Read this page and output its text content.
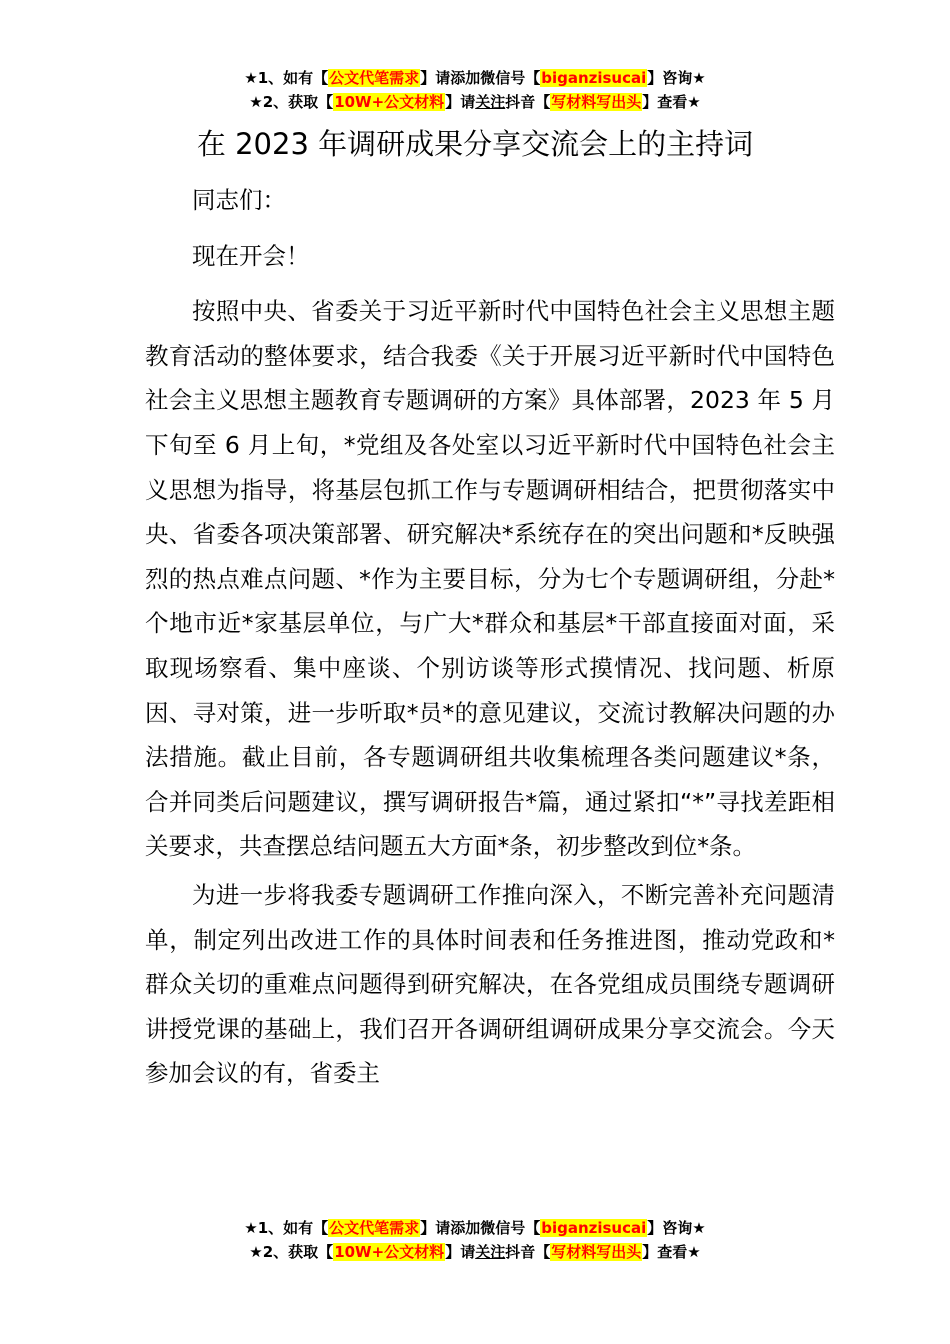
★1、如有【公文代笔需求】请添加微信号【biganzisucai】咨询★
★2、获取【10W+公文材料】请关注抖音【写材料写出头】查看★
在 2023 年调研成果分享交流会上的主持词

同志们：

现在开会！

按照中央、省委关于习近平新时代中国特色社会主义思想主题教育活动的整体要求，结合我委《关于开展习近平新时代中国特色社会主义思想主题教育专题调研的方案》具体部署，2023 年 5 月下旬至 6 月上旬，*党组及各处室以习近平新时代中国特色社会主义思想为指导，将基层包抓工作与专题调研相结合，把贯彻落实中央、省委各项决策部署、研究解决*系统存在的突出问题和*反映强烈的热点难点问题、*作为主要目标，分为七个专题调研组，分赴*个地市近*家基层单位，与广大*群众和基层*干部直接面对面，采取现场察看、集中座谈、个别访谈等形式摸情况、找问题、析原因、寻对策，进一步听取*员*的意见建议，交流讨教解决问题的办法措施。截止目前，各专题调研组共收集梳理各类问题建议*条，合并同类后问题建议，撰写调研报告*篇，通过紧扣“*”寻找差距相关要求，共查摆总结问题五大方面*条，初步整改到位*条。

为进一步将我委专题调研工作推向深入，不断完善补充问题清单，制定列出改进工作的具体时间表和任务推进图，推动党政和*群众关切的重难点问题得到研究解决，在各党组成员围绕专题调研讲授党课的基础上，我们召开各调研组调研成果分享交流会。今天参加会议的有，省委主

★1、如有【公文代笔需求】请添加微信号【biganzisucai】咨询★
★2、获取【10W+公文材料】请关注抖音【写材料写出头】查看★
